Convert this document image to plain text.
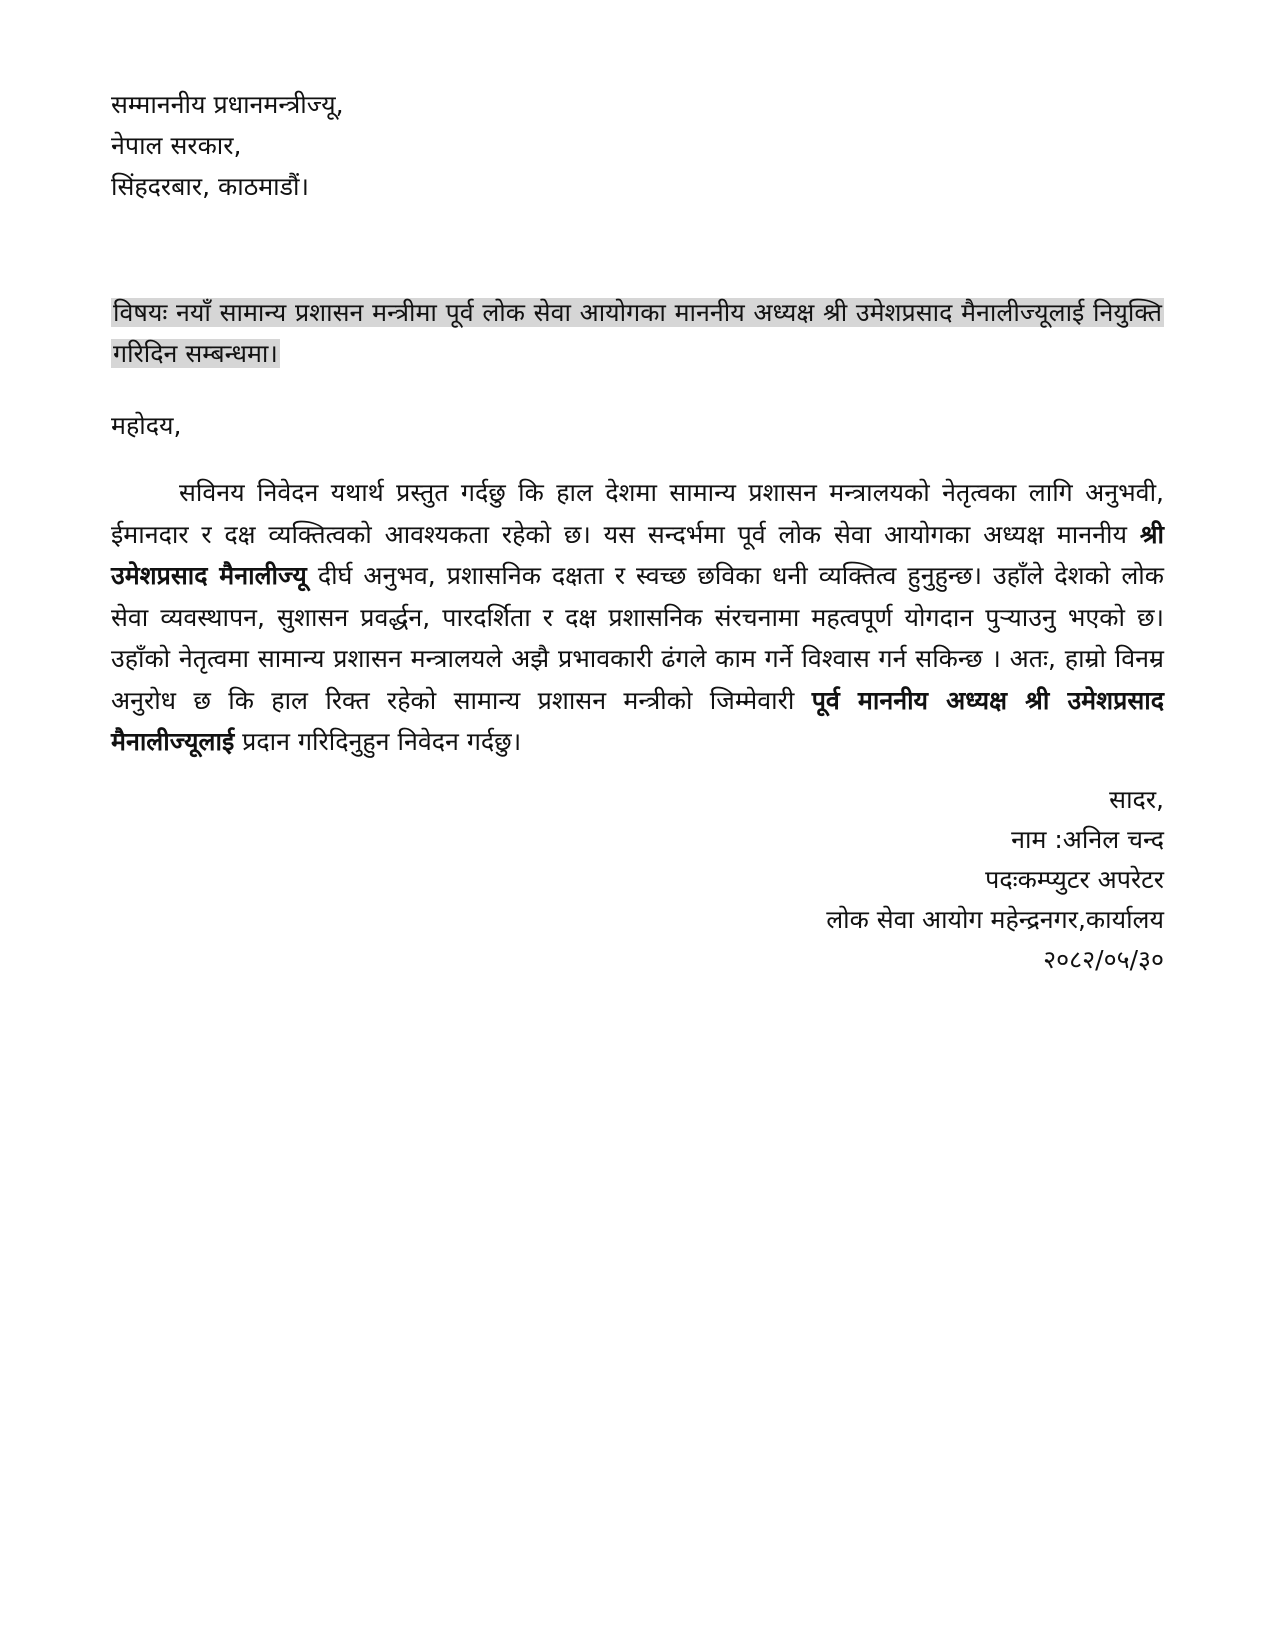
सम्माननीय प्रधानमन्त्रीज्यू,
नेपाल सरकार,
सिंहदरबार, काठमाडौं।
विषयः नयाँ सामान्य प्रशासन मन्त्रीमा पूर्व लोक सेवा आयोगका माननीय अध्यक्ष श्री उमेशप्रसाद मैनालीज्यूलाई नियुक्ति गरिदिन सम्बन्धमा।
महोदय,
सविनय निवेदन यथार्थ प्रस्तुत गर्दछु कि हाल देशमा सामान्य प्रशासन मन्त्रालयको नेतृत्वका लागि अनुभवी, ईमानदार र दक्ष व्यक्तित्वको आवश्यकता रहेको छ। यस सन्दर्भमा पूर्व लोक सेवा आयोगका अध्यक्ष माननीय श्री उमेशप्रसाद मैनालीज्यू दीर्घ अनुभव, प्रशासनिक दक्षता र स्वच्छ छविका धनी व्यक्तित्व हुनुहुन्छ। उहाँले देशको लोक सेवा व्यवस्थापन, सुशासन प्रवर्द्धन, पारदर्शिता र दक्ष प्रशासनिक संरचनामा महत्वपूर्ण योगदान पुऱ्याउनु भएको छ। उहाँको नेतृत्वमा सामान्य प्रशासन मन्त्रालयले अझै प्रभावकारी ढंगले काम गर्ने विश्वास गर्न सकिन्छ । अतः, हाम्रो विनम्र अनुरोध छ कि हाल रिक्त रहेको सामान्य प्रशासन मन्त्रीको जिम्मेवारी पूर्व माननीय अध्यक्ष श्री उमेशप्रसाद मैनालीज्यूलाई प्रदान गरिदिनुहुन निवेदन गर्दछु।
सादर,
नाम :अनिल चन्द
पदःकम्प्युटर अपरेटर
लोक सेवा आयोग महेन्द्रनगर,कार्यालय
२०८२/०५/३०
